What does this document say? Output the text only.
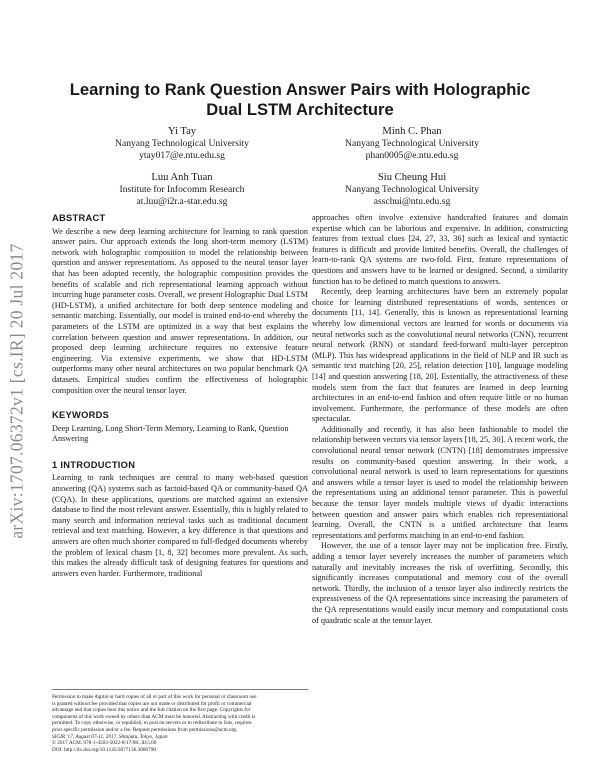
arXiv:1707.06372v1 [cs.IR] 20 Jul 2017
Learning to Rank Question Answer Pairs with Holographic Dual LSTM Architecture
Yi Tay
Nanyang Technological University
ytay017@e.ntu.edu.sg
Minh C. Phan
Nanyang Technological University
phan0005@e.ntu.edu.sg
Luu Anh Tuan
Institute for Infocomm Research
at.luu@i2r.a-star.edu.sg
Siu Cheung Hui
Nanyang Technological University
asschui@ntu.edu.sg

ABSTRACT

We describe a new deep learning architecture for learning to rank question answer pairs. Our approach extends the long short-term memory (LSTM) network with holographic composition to model the relationship between question and answer representations. As opposed to the neural tensor layer that has been adopted recently, the holographic composition provides the benefits of scalable and rich representational learning approach without incurring huge parameter costs. Overall, we present Holographic Dual LSTM (HD-LSTM), a unified architecture for both deep sentence modeling and semantic matching. Essentially, our model is trained end-to-end whereby the parameters of the LSTM are optimized in a way that best explains the correlation between question and answer representations. In addition, our proposed deep learning architecture requires no extensive feature engineering. Via extensive experiments, we show that HD-LSTM outperforms many other neural architectures on two popular benchmark QA datasets. Empirical studies confirm the effectiveness of holographic composition over the neural tensor layer.

KEYWORDS

Deep Learning, Long Short-Term Memory, Learning to Rank, Question Answering

1 INTRODUCTION

Learning to rank techniques are central to many web-based question answering (QA) systems such as factoid-based QA or community-based QA (CQA). In these applications, questions are matched against an extensive database to find the most relevant answer. Essentially, this is highly related to many search and information retrieval tasks such as traditional document retrieval and text matching. However, a key difference is that questions and answers are often much shorter compared to full-fledged documents whereby the problem of lexical chasm [1, 8, 32] becomes more prevalent. As such, this makes the already difficult task of designing features for questions and answers even harder. Furthermore, traditional

approaches often involve extensive handcrafted features and domain expertise which can be laborious and expensive. In addition, constructing features from textual clues [24, 27, 33, 36] such as lexical and syntactic features is difficult and provide limited benefits. Overall, the challenges of learn-to-rank QA systems are two-fold. First, feature representations of questions and answers have to be learned or designed. Second, a similarity function has to be defined to match questions to answers.

Recently, deep learning architectures have been an extremely popular choice for learning distributed representations of words, sentences or documents [11, 14]. Generally, this is known as representational learning whereby low dimensional vectors are learned for words or documents via neural networks such as the convolutional neural networks (CNN), recurrent neural network (RNN) or standard feed-forward multi-layer perceptron (MLP). This has widespread applications in the field of NLP and IR such as semantic text matching [20, 25], relation detection [10], language modeling [14] and question answering [18, 20]. Essentially, the attractiveness of these models stem from the fact that features are learned in deep learning architectures in an end-to-end fashion and often require little or no human involvement. Furthermore, the performance of these models are often spectacular.

Additionally and recently, it has also been fashionable to model the relationship between vectors via tensor layers [18, 25, 30]. A recent work, the convolutional neural tensor network (CNTN) [18] demonstrates impressive results on community-based question answering. In their work, a convolutional neural network is used to learn representations for questions and answers while a tensor layer is used to model the relationship between the representations using an additional tensor parameter. This is powerful because the tensor layer models multiple views of dyadic interactions between question and answer pairs which enables rich representational learning. Overall, the CNTN is a unified architecture that learns representations and performs matching in an end-to-end fashion.

However, the use of a tensor layer may not be implication free. Firstly, adding a tensor layer severely increases the number of parameters which naturally and inevitably increases the risk of overfitting. Secondly, this significantly increases computational and memory cost of the overall network. Thirdly, the inclusion of a tensor layer also indirectly restricts the expressiveness of the QA representations since increasing the parameters of the QA representations would easily incur memory and computational costs of quadratic scale at the tensor layer.

Permission to make digital or hard copies of all or part of this work for personal or classroom use
is granted without fee provided that copies are not made or distributed for profit or commercial
advantage and that copies bear this notice and the full citation on the first page. Copyrights for
components of this work owned by others than ACM must be honored. Abstracting with credit is
permitted. To copy otherwise, or republish, to post on servers or to redistribute to lists, requires
prior specific permission and/or a fee. Request permissions from permissions@acm.org.
SIGIR '17, August 07-11, 2017, Shinjuku, Tokyo, Japan
© 2017 ACM. 978-1-4503-5022-8/17/08...$15.00
DOI: http://dx.doi.org/10.1145/3077136.3080790
